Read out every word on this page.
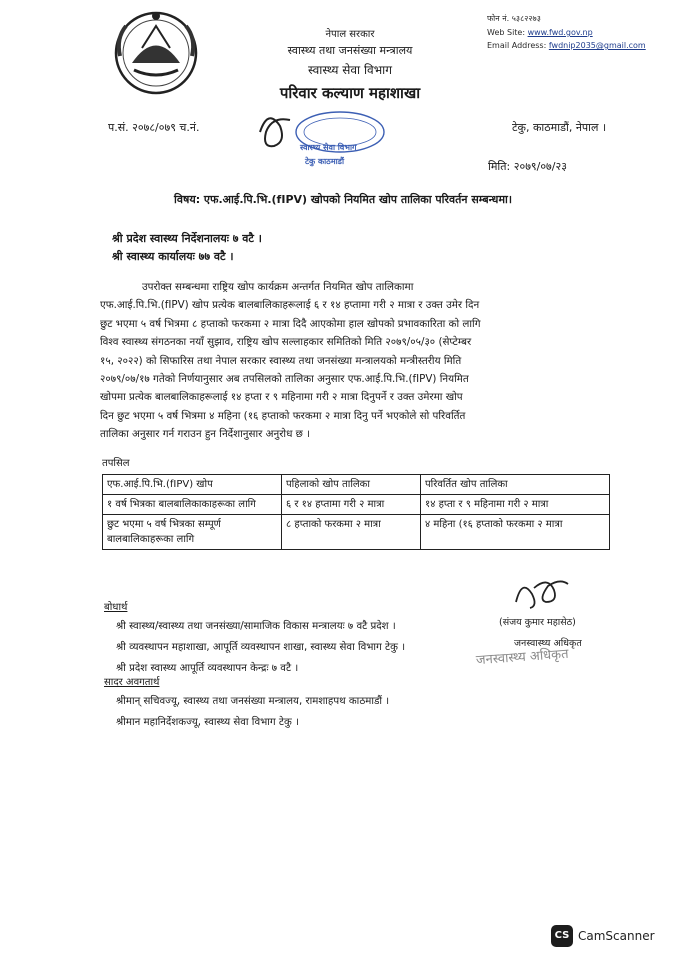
नेपाल सरकार
स्वास्थ्य तथा जनसंख्या मन्त्रालय
स्वास्थ्य सेवा विभाग
परिवार कल्याण महाशाखा
फोन नं. ५३८२२७३
Web Site: www.fwd.gov.np
Email Address: fwdnip2035@gmail.com
प.सं. २०७८/०७९ च.नं.	टेकु, काठमाडौं, नेपाल ।
स्वास्थ्य सेवा विभाग
टेकु काठमाडौं	मिति: २०७९/०७/२३
विषय: एफ.आई.पि.भि.(fIPV) खोपको नियमित खोप तालिका परिवर्तन सम्बन्धमा।
श्री प्रदेश स्वास्थ्य निर्देशनालयः ७ वटै ।
श्री स्वास्थ्य कार्यालयः ७७ वटै ।
उपरोक्त सम्बन्धमा राष्ट्रिय खोप कार्यक्रम अन्तर्गत नियमित खोप तालिकामा
एफ.आई.पि.भि.(fIPV) खोप प्रत्येक बालबालिकाहरूलाई ६ र १४ हप्तामा गरी २ मात्रा र उक्त उमेर दिन
छुट भएमा ५ वर्ष भित्रमा ८ हप्ताको फरकमा २ मात्रा दिदै आएकोमा हाल खोपको प्रभावकारिता को लागि
विश्व स्वास्थ्य संगठनका नयाँ सुझाव, राष्ट्रिय खोप सल्लाहकार समितिको मिति २०७९/०५/३० (सेप्टेम्बर
१५, २०२२) को सिफारिस तथा नेपाल सरकार स्वास्थ्य तथा जनसंख्या मन्त्रालयको मन्त्रीस्तरीय मिति
२०७९/०७/१७ गतेको निर्णयानुसार अब तपसिलको तालिका अनुसार एफ.आई.पि.भि.(fIPV) नियमित
खोपमा प्रत्येक बालबालिकाहरूलाई १४ हप्ता र ९ महिनामा गरी २ मात्रा दिनुपर्ने र उक्त उमेरमा खोप
दिन छुट भएमा ५ वर्ष भित्रमा ४ महिना (१६ हप्ताको फरकमा २ मात्रा दिनु पर्ने भएकोले सो परिवर्तित
तालिका अनुसार गर्न गराउन हुन निर्देशानुसार अनुरोध छ ।
तपसिल
एफ.आई.पि.भि.(fIPV) खोप	पहिलाको खोप तालिका	परिवर्तित खोप तालिका
१ वर्ष भित्रका बालबालिकाकाहरूका लागि	६ र १४ हप्तामा गरी २ मात्रा	१४ हप्ता र ९ महिनामा गरी २ मात्रा
छुट भएमा ५ वर्ष भित्रका सम्पूर्ण बालबालिकाहरूका लागि	८ हप्ताको फरकमा २ मात्रा	४ महिना (१६ हप्ताको फरकमा २ मात्रा
(संजय कुमार महासेठ)
जनस्वास्थ्य अधिकृत
जनस्वास्थ्य अधिकृत
बोधार्थ
श्री स्वास्थ्य/स्वास्थ्य तथा जनसंख्या/सामाजिक विकास मन्त्रालयः ७ वटै प्रदेश ।
श्री व्यवस्थापन महाशाखा, आपूर्ति व्यवस्थापन शाखा, स्वास्थ्य सेवा विभाग टेकु ।
श्री प्रदेश स्वास्थ्य आपूर्ति व्यवस्थापन केन्द्रः ७ वटै ।
सादर अवगतार्थ
श्रीमान् सचिवज्यू, स्वास्थ्य तथा जनसंख्या मन्त्रालय, रामशाहपथ काठमाडौं ।
श्रीमान महानिर्देशकज्यू, स्वास्थ्य सेवा विभाग टेकु ।
CS CamScanner
